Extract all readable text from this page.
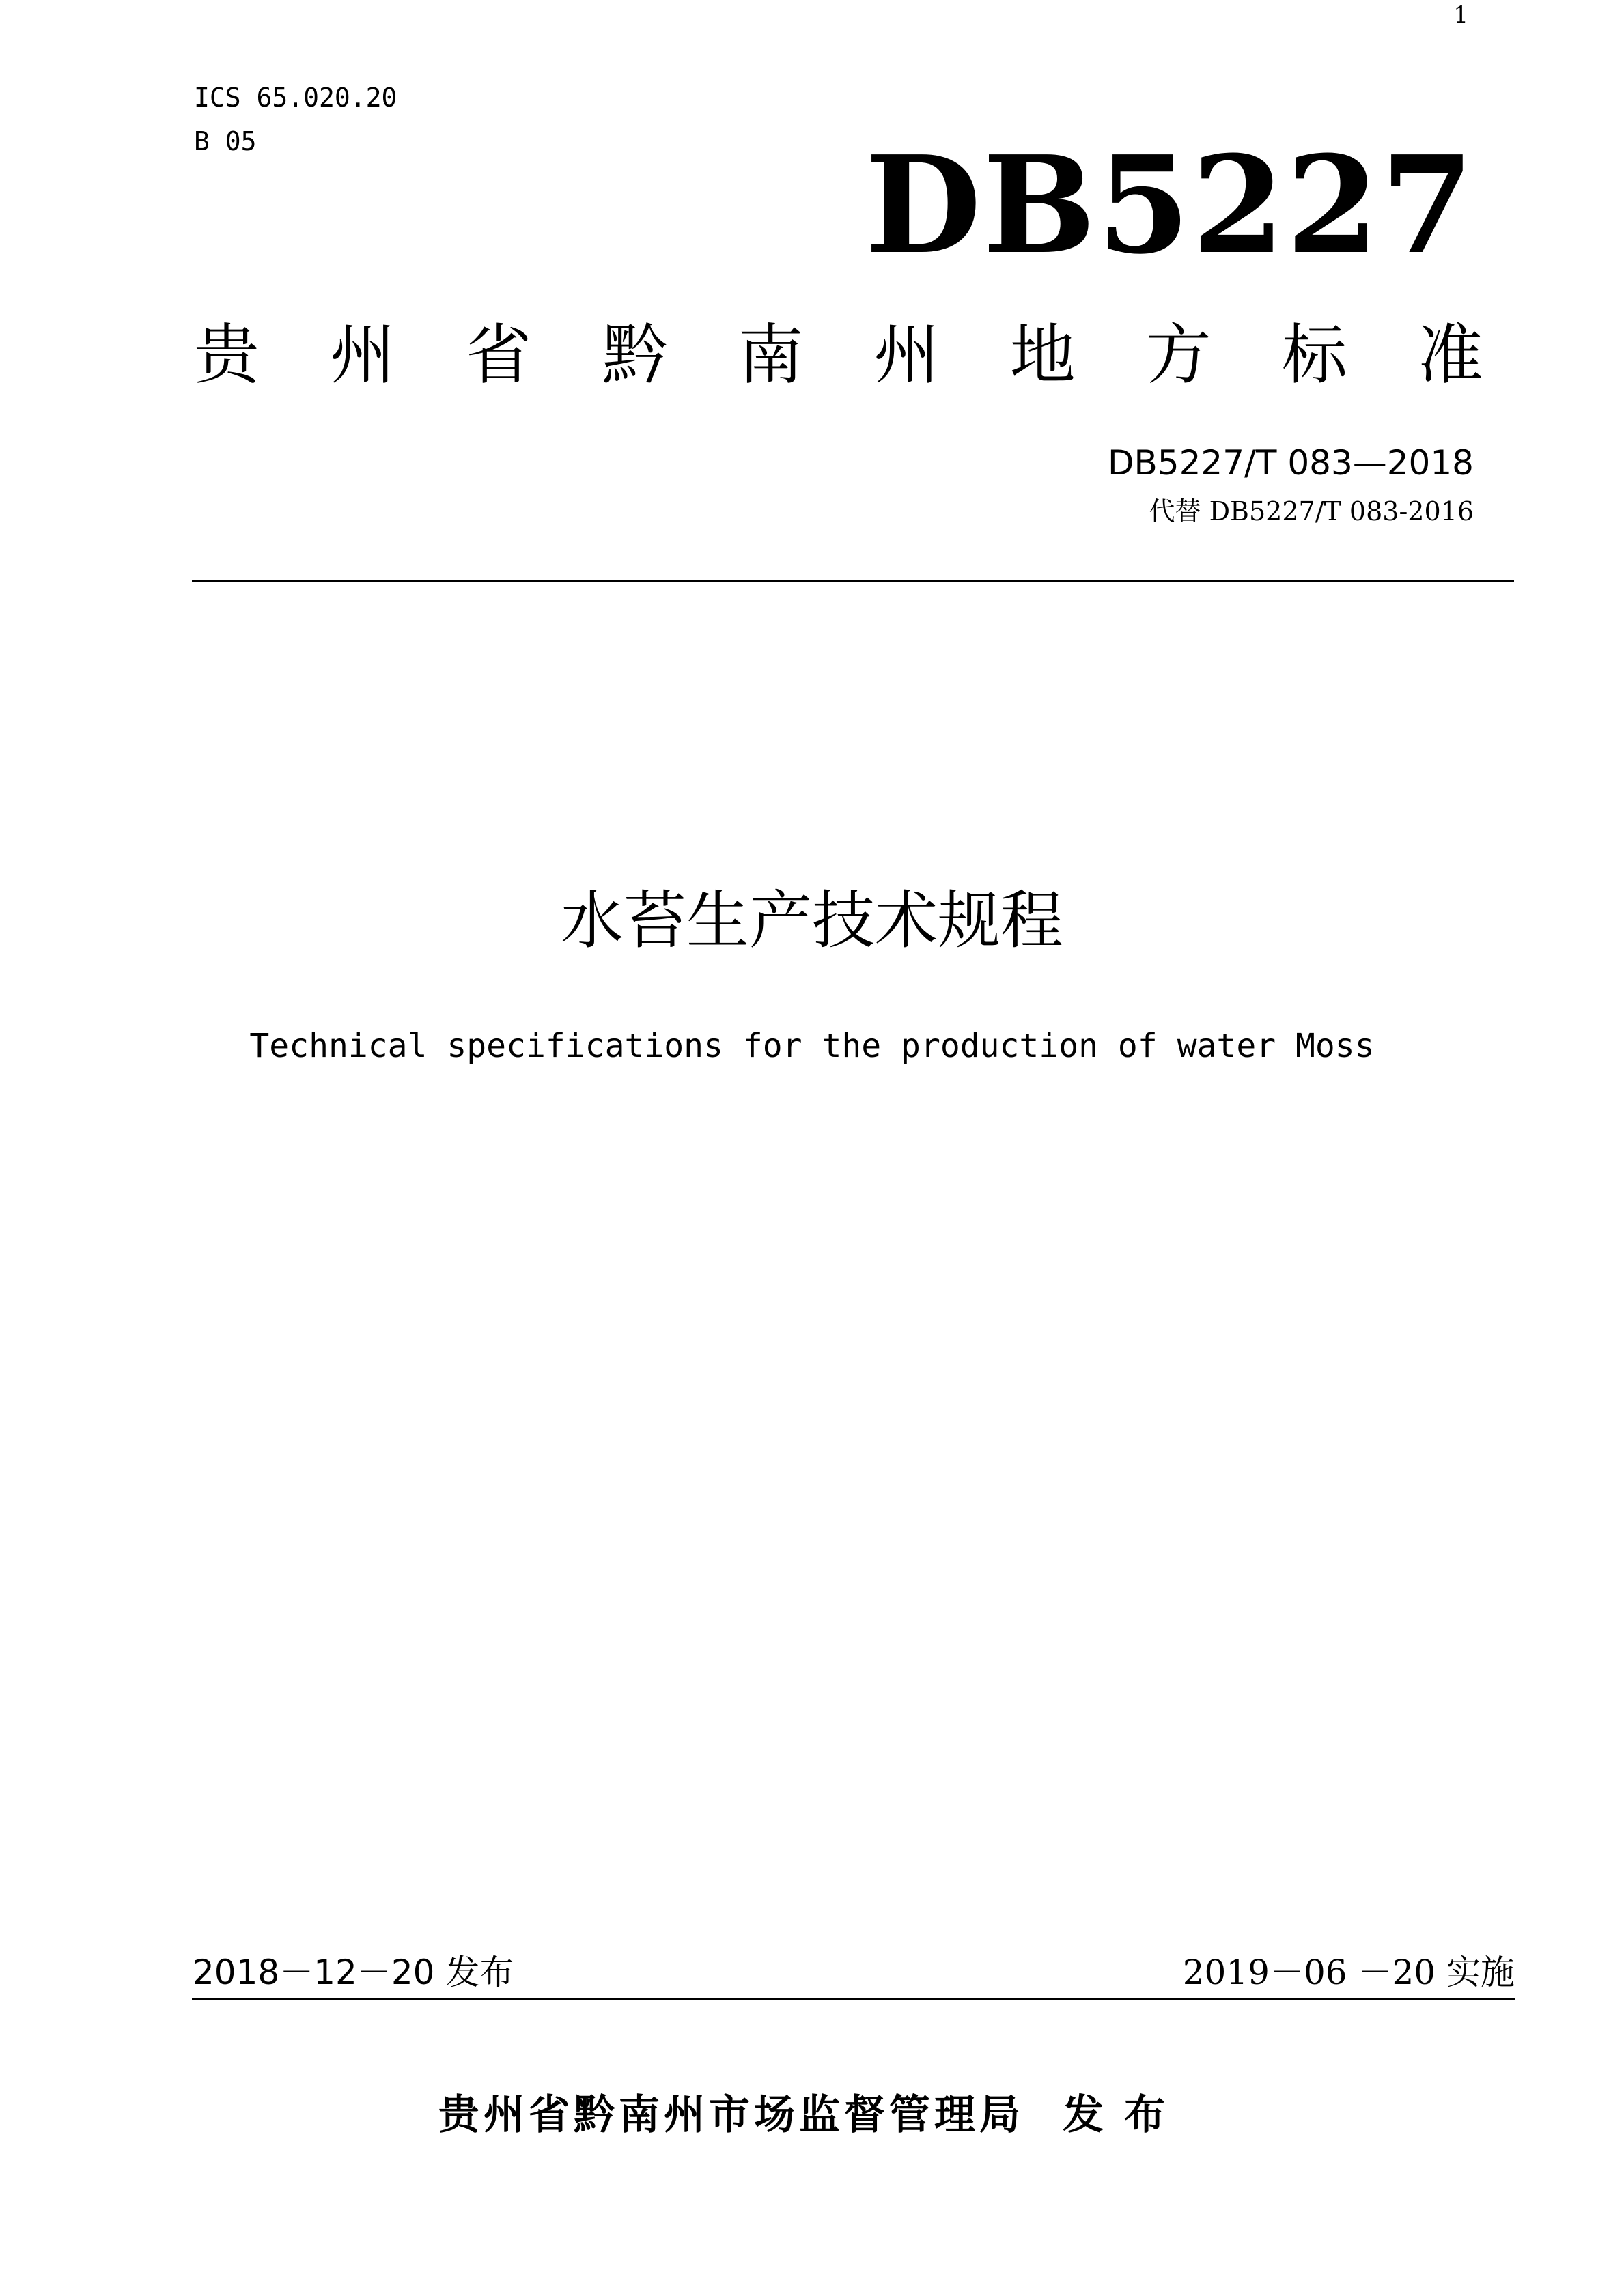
1
ICS 65.020.20
B 05	DB5227
贵 州 省 黔 南 州 地 方 标 准
DB5227/T 083—2018
代替 DB5227/T 083-2016
水苔生产技术规程
Technical specifications for the production of water Moss
2018－12－20 发布	2019－06 －20 实施
贵州省黔南州市场监督管理局 发布
